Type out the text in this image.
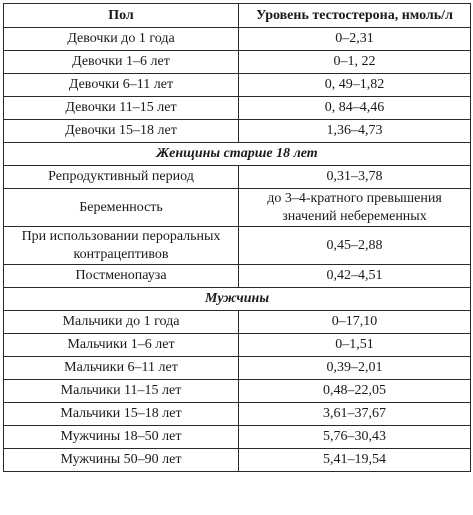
Пол	Уровень тестостерона, нмоль/л
Девочки до 1 года	0–2,31
Девочки 1–6 лет	0–1, 22
Девочки 6–11 лет	0, 49–1,82
Девочки 11–15 лет	0, 84–4,46
Девочки 15–18 лет	1,36–4,73
Женщины старше 18 лет	
Репродуктивный период	0,31–3,78
Беременность	до 3–4-кратного превышения значений небеременных
При использовании пероральных контрацептивов	0,45–2,88
Постменопауза	0,42–4,51
Мужчины	
Мальчики до 1 года	0–17,10
Мальчики 1–6 лет	0–1,51
Мальчики 6–11 лет	0,39–2,01
Мальчики 11–15 лет	0,48–22,05
Мальчики 15–18 лет	3,61–37,67
Мужчины 18–50 лет	5,76–30,43
Мужчины 50–90 лет	5,41–19,54
